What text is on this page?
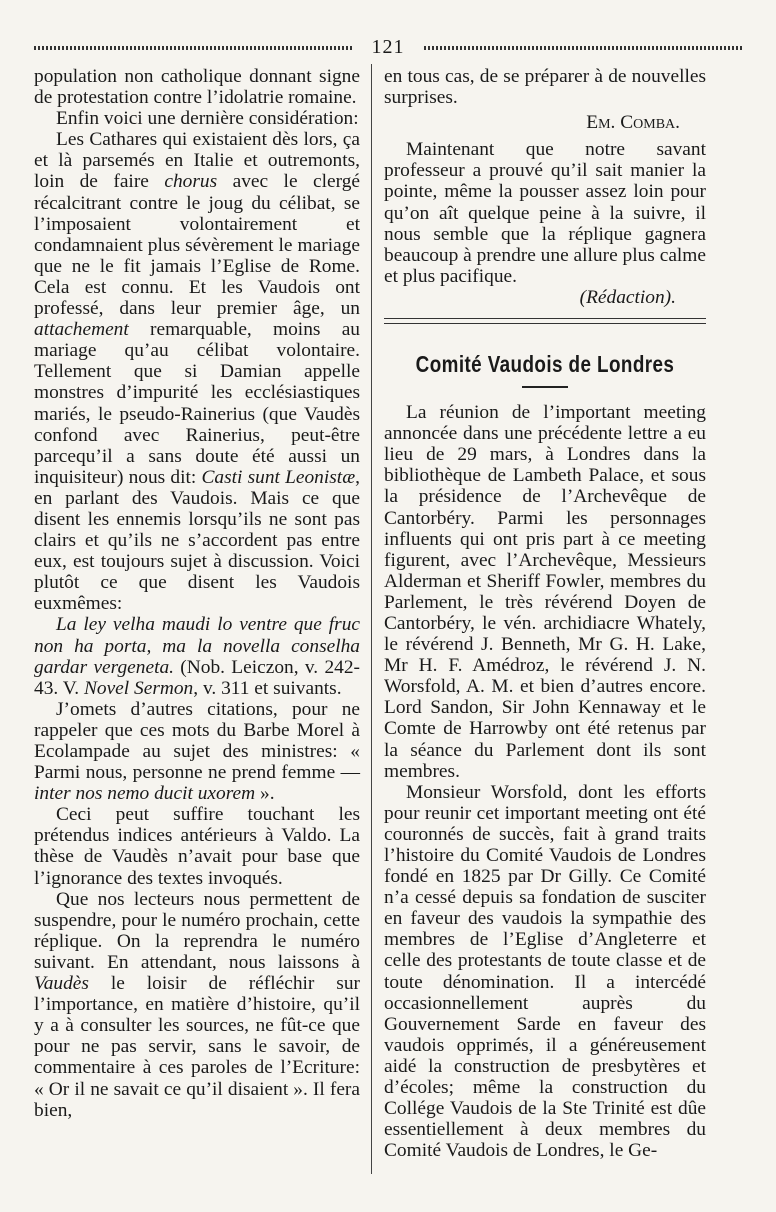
121

population non catholique donnant signe de protestation contre l’idolatrie romaine.

Enfin voici une dernière considération:

Les Cathares qui existaient dès lors, ça et là parsemés en Italie et outremonts, loin de faire chorus avec le clergé récalcitrant contre le joug du célibat, se l’imposaient volontairement et condamnaient plus sévèrement le mariage que ne le fit jamais l’Eglise de Rome. Cela est connu. Et les Vaudois ont professé, dans leur premier âge, un attachement remarquable, moins au mariage qu’au célibat volontaire. Tellement que si Damian appelle monstres d’impurité les ecclésiastiques mariés, le pseudo-Rainerius (que Vaudès confond avec Rainerius, peut-être parcequ’il a sans doute été aussi un inquisiteur) nous dit: Casti sunt Leonistæ, en parlant des Vaudois. Mais ce que disent les ennemis lorsqu’ils ne sont pas clairs et qu’ils ne s’accordent pas entre eux, est toujours sujet à discussion. Voici plutôt ce que disent les Vaudois euxmêmes:

La ley velha maudi lo ventre que fruc non ha porta, ma la novella conselha gardar vergeneta. (Nob. Leiczon, v. 242-43. V. Novel Sermon, v. 311 et suivants.

J’omets d’autres citations, pour ne rappeler que ces mots du Barbe Morel à Ecolampade au sujet des ministres: « Parmi nous, personne ne prend femme — inter nos nemo ducit uxorem ».

Ceci peut suffire touchant les prétendus indices antérieurs à Valdo. La thèse de Vaudès n’avait pour base que l’ignorance des textes invoqués.

Que nos lecteurs nous permettent de suspendre, pour le numéro prochain, cette réplique. On la reprendra le numéro suivant. En attendant, nous laissons à Vaudès le loisir de réfléchir sur l’importance, en matière d’histoire, qu’il y a à consulter les sources, ne fût-ce que pour ne pas servir, sans le savoir, de commentaire à ces paroles de l’Ecriture: « Or il ne savait ce qu’il disaient ». Il fera bien,

en tous cas, de se préparer à de nouvelles surprises.

Em. Comba.

Maintenant que notre savant professeur a prouvé qu’il sait manier la pointe, même la pousser assez loin pour qu’on aît quelque peine à la suivre, il nous semble que la réplique gagnera beaucoup à prendre une allure plus calme et plus pacifique.

(Rédaction).

Comité Vaudois de Londres

La réunion de l’important meeting annoncée dans une précédente lettre a eu lieu de 29 mars, à Londres dans la bibliothèque de Lambeth Palace, et sous la présidence de l’Archevêque de Cantorbéry. Parmi les personnages influents qui ont pris part à ce meeting figurent, avec l’Archevêque, Messieurs Alderman et Sheriff Fowler, membres du Parlement, le très révérend Doyen de Cantorbéry, le vén. archidiacre Whately, le révérend J. Benneth, Mr G. H. Lake, Mr H. F. Amédroz, le révérend J. N. Worsfold, A. M. et bien d’autres encore. Lord Sandon, Sir John Kennaway et le Comte de Harrowby ont été retenus par la séance du Parlement dont ils sont membres.

Monsieur Worsfold, dont les efforts pour reunir cet important meeting ont été couronnés de succès, fait à grand traits l’histoire du Comité Vaudois de Londres fondé en 1825 par Dr Gilly. Ce Comité n’a cessé depuis sa fondation de susciter en faveur des vaudois la sympathie des membres de l’Eglise d’Angleterre et celle des protestants de toute classe et de toute dénomination. Il a intercédé occasionnellement auprès du Gouvernement Sarde en faveur des vaudois opprimés, il a généreusement aidé la construction de presbytères et d’écoles; même la construction du Collége Vaudois de la Ste Trinité est dûe essentiellement à deux membres du Comité Vaudois de Londres, le Ge-
